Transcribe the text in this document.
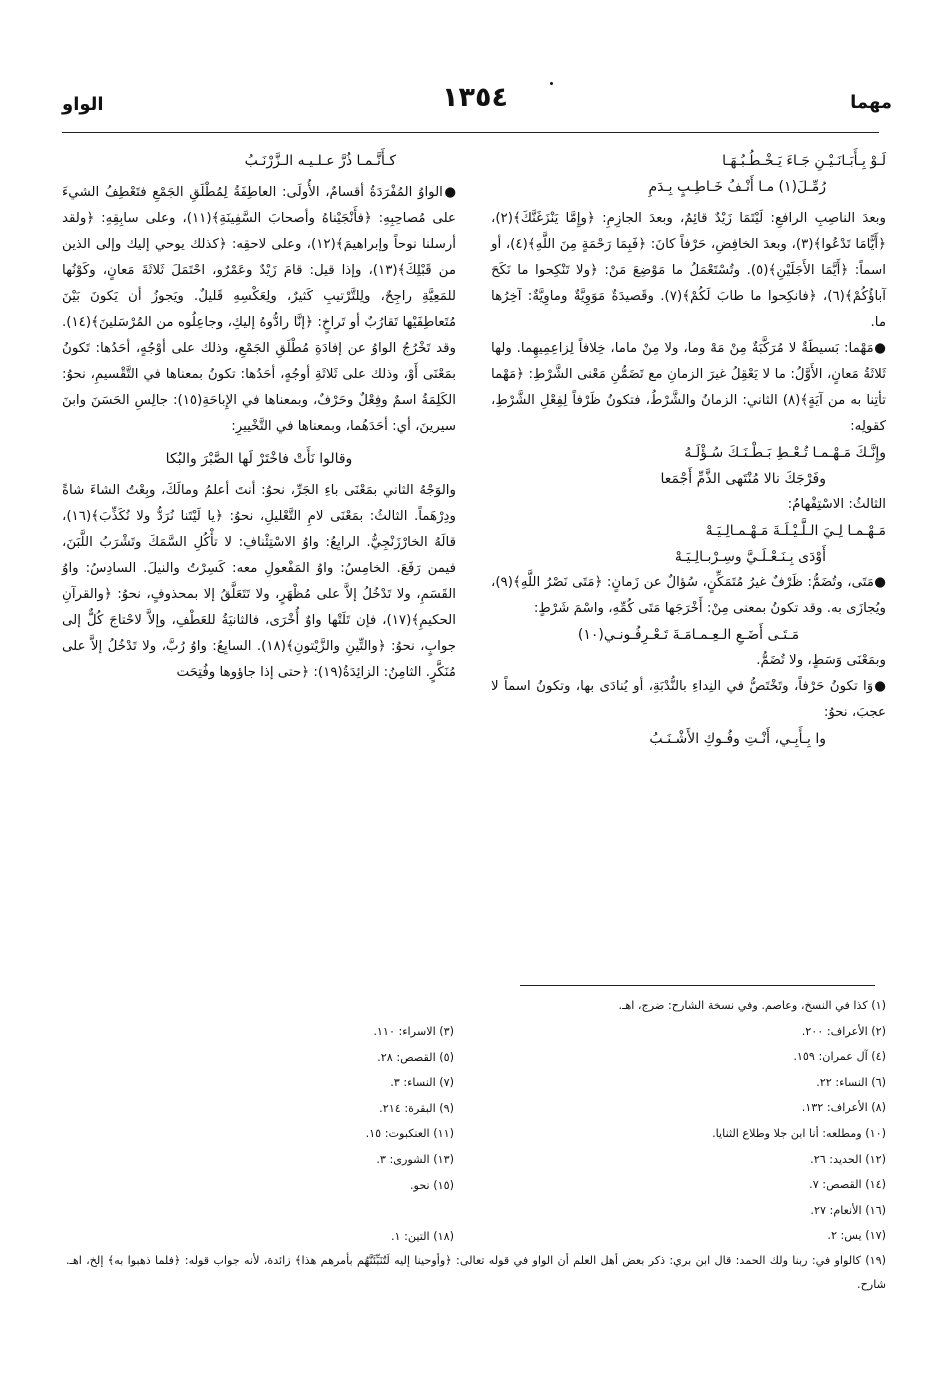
مهما
١٣٥٤
الواو

لَـوْ بِـأَبَـانَـيْـنِ جَـاءَ يَـخْـطُـبُـهَـا

رُمِّـلَ(١) مـا أَنْـفُ خَـاطِـبٍ بِـدَمِ

وبعدَ الناصِبِ الرافعِ: لَيْتَمَا زَيْدٌ قائِمٌ، وبعدَ الجازِمِ: ﴿وإِمَّا يَنْزَغَنَّكَ﴾(٢)، ﴿أَيًّامَا تَدْعُوا﴾(٣)، وبعدَ الخافِضِ، حَرْفاً كانَ: ﴿فَبِمَا رَحْمَةٍ مِنَ اللَّهِ﴾(٤)، أو اسماً: ﴿أَيَّمَا الأَجَلَيْنِ﴾(٥). وتُسْتَعْمَلُ ما مَوْضِعَ مَنْ: ﴿ولا تَنْكِحوا ما نَكَحَ آباؤُكُمْ﴾(٦)، ﴿فانكِحوا ما طابَ لَكُمْ﴾(٧). وقَصيدَةٌ مَوَوِيَّةٌ وماوِيَّةٌ: آخِرُها ما.

●مَهْما: بَسيطَةٌ لا مُرَكَّبَةٌ مِنْ مَهْ وما، ولا مِنْ ما‌ما، خِلافاً لِزاعِمِيهِما. ولها ثَلاثَةُ مَعانٍ، الأَوَّلُ: ما لا يَعْقِلُ غيرَ الزمانِ مع تَضَمُّنِ مَعْنى الشَّرْطِ: ﴿مَهْما تأتِنا به من آيَةٍ﴾(٨) الثاني: الزمانُ والشَّرْطُ، فتكونُ ظَرْفاً لِفِعْلِ الشَّرْطِ، كقولِه:

وإِنَّـكَ مَـهْـمـا تُـعْـطِ بَـطْـنَـكَ سُـؤْلَـهُ

وفَرْجَكَ نالا مُنْتَهى الذَّمِّ أَجْمَعا

الثالثُ: الاسْتِفْهامُ:

مَـهْـمـا لِـيَ الـلَّـيْـلَـةَ مَـهْـمـالِـيَـهْ

أَوْدَى بِـنَـعْـلَـيَّ وسِـرْبـالِـيَـهْ

●مَتَى، وتُضَمُّ: ظَرْفٌ غيرُ مُتَمَكِّنٍ، سُؤالٌ عن زَمانٍ: ﴿مَتَى نَصْرُ اللَّهِ﴾(٩)، ويُجازَى به. وقد تكونُ بمعنى مِنْ: أَخْرَجَها مَتَى كُمِّهِ، واسْمَ شَرْطٍ:

مَـتَـى أَضَـعِ الـعِـمـامَـةَ تَـعْـرِفُـونـي(١٠)

وبمَعْنَى وَسَطٍ، ولا تُضَمُّ.

●وَا تكونُ حَرْفاً، وتَخْتَصُّ في النِداءِ بالنُّدْبَةِ، أو يُنادَى بها، وتكونُ اسماً لا عجبَ، نحوُ:

وا بِـأَبِـي، أَنْـتِ وفُـوكِ الأَشْـنَـبُ

كـأَنَّـمـا ذُرَّ عـلـيـه الـزَّرْنَـبُ

●الواوُ المُفْرَدَةُ أقسامٌ، الأُولَى: العاطِفَةُ لِمُطْلَقِ الجَمْعِ فتَعْطِفُ الشيءَ على مُصاحِبِهِ: ﴿فأَنْجَيْناهُ وأصحابَ السَّفِينَةِ﴾(١١)، وعلى سابِقِهِ: ﴿ولقد أرسلنا نوحاً وإبراهيمَ﴾(١٢)، وعلى لاحقِه: ﴿كذلك يوحي إليك وإلى الذين من قَبْلِكَ﴾(١٣)، وإذا قيل: قامَ زَيْدٌ وعَمْرٌو، احْتَمَلَ ثَلاثَةَ مَعانٍ، وكَوْنُها للمَعِيَّةِ راجِحٌ، ولِلتَّرْتيبِ كَثيرٌ، ولِعَكْسِهِ قَليلٌ. ويَجوزُ أن يَكونَ بَيْنَ مُتَعاطِفَيْها تَقارُبٌ أو تَراخٍ: ﴿إنَّا رادُّوهُ إليكِ، وجاعِلُوه من المُرْسَلينَ﴾(١٤). وقد تَخْرُجُ الواوُ عن إفادَةِ مُطْلَقِ الجَمْعِ، وذلك على أوْجُهٍ، أحَدُها: تَكونُ بمَعْنَى أَوْ، وذلك على ثَلاثَةِ أوجُهٍ، أحَدُها: تكونُ بمعناها في التَّقْسيمِ، نحوُ: الكَلِمَةُ اسمٌ وفِعْلٌ وحَرْفٌ، وبمعناها في الإِباحَةِ(١٥): جالِسِ الحَسَنَ وابنَ سيرينَ، أي: أحَدَهُما، وبمعناها في التَّخْييرِ:

وقالوا نَأَتْ فاخْتَرْ لَها الصَّبْرَ والبُكا

والوَجْهُ الثاني بمَعْنَى باءِ الجَرِّ، نحوُ: أنتَ أعلمُ ومالَكَ، وبِعْتُ الشاءَ شاةً ودِرْهَماً. الثالثُ: بمَعْنَى لامِ التَّعْليلِ، نحوُ: ﴿يا لَيْتَنا نُرَدُّ ولا نُكَذِّبَ﴾(١٦)، قالَهُ الخارْزَنْجِيُّ. الرابِعُ: واوُ الاسْتِئْنافِ: لا تأْكُلِ السَّمَكَ وتَشْرَبُ اللَّبَنَ، فيمن رَفَعَ. الخامِسُ: واوُ المَفْعولِ معه: كَسِرْتُ والنيلَ. السادِسُ: واوُ القَسَمِ، ولا تَدْخُلُ إلاَّ على مُظْهَرٍ، ولا تَتَعَلَّقُ إلا بمحذوفٍ، نحوُ: ﴿والقرآنِ الحكيمِ﴾(١٧)، فإن تَلَتْها واوٌ أُخْرَى، فالثانيَةُ للعَطْفِ، وإلاَّ لاحْتاجَ كُلٌّ إلى جوابٍ، نحوُ: ﴿والتِّينِ والزَّيْتونِ﴾(١٨). السابِعُ: واوُ رُبَّ، ولا تَدْخُلُ إلاَّ على مُنَكَّرٍ. الثامِنُ: الزائِدَةُ(١٩): ﴿حتى إذا جاؤوها وفُتِحَت

(١) كذا في النسخ، وعاصم. وفي نسخة الشارح: ضرج، اهـ.

(٢) الأعراف: ٢٠٠.

(٤) آل عمران: ١٥٩.

(٦) النساء: ٢٢.

(٨) الأعراف: ١٣٢.

(١٠) ومطلعه: أنا ابن جلا وطلاع الثنايا.

(١٢) الحديد: ٢٦.

(١٤) القصص: ٧.

(١٦) الأنعام: ٢٧.

(١٧) يس: ٢.

(١٩) كالواو في: ربنا ولك الحمد: قال ابن بري: ذكر بعض أهل العلم أن الواو في قوله تعالى: ﴿وأوحينا إليه لَتُنَبِّئَنَّهُم بأمرهم هذا﴾ زائدة، لأنه جواب قوله: ﴿فلما ذهبوا به﴾ إلخ، اهـ. شارح.

(٣) الاسراء: ١١٠.

(٥) القصص: ٢٨.

(٧) النساء: ٣.

(٩) البقرة: ٢١٤.

(١١) العنكبوت: ١٥.

(١٣) الشورى: ٣.

(١٥) نحو.

(١٨) التين: ١.
